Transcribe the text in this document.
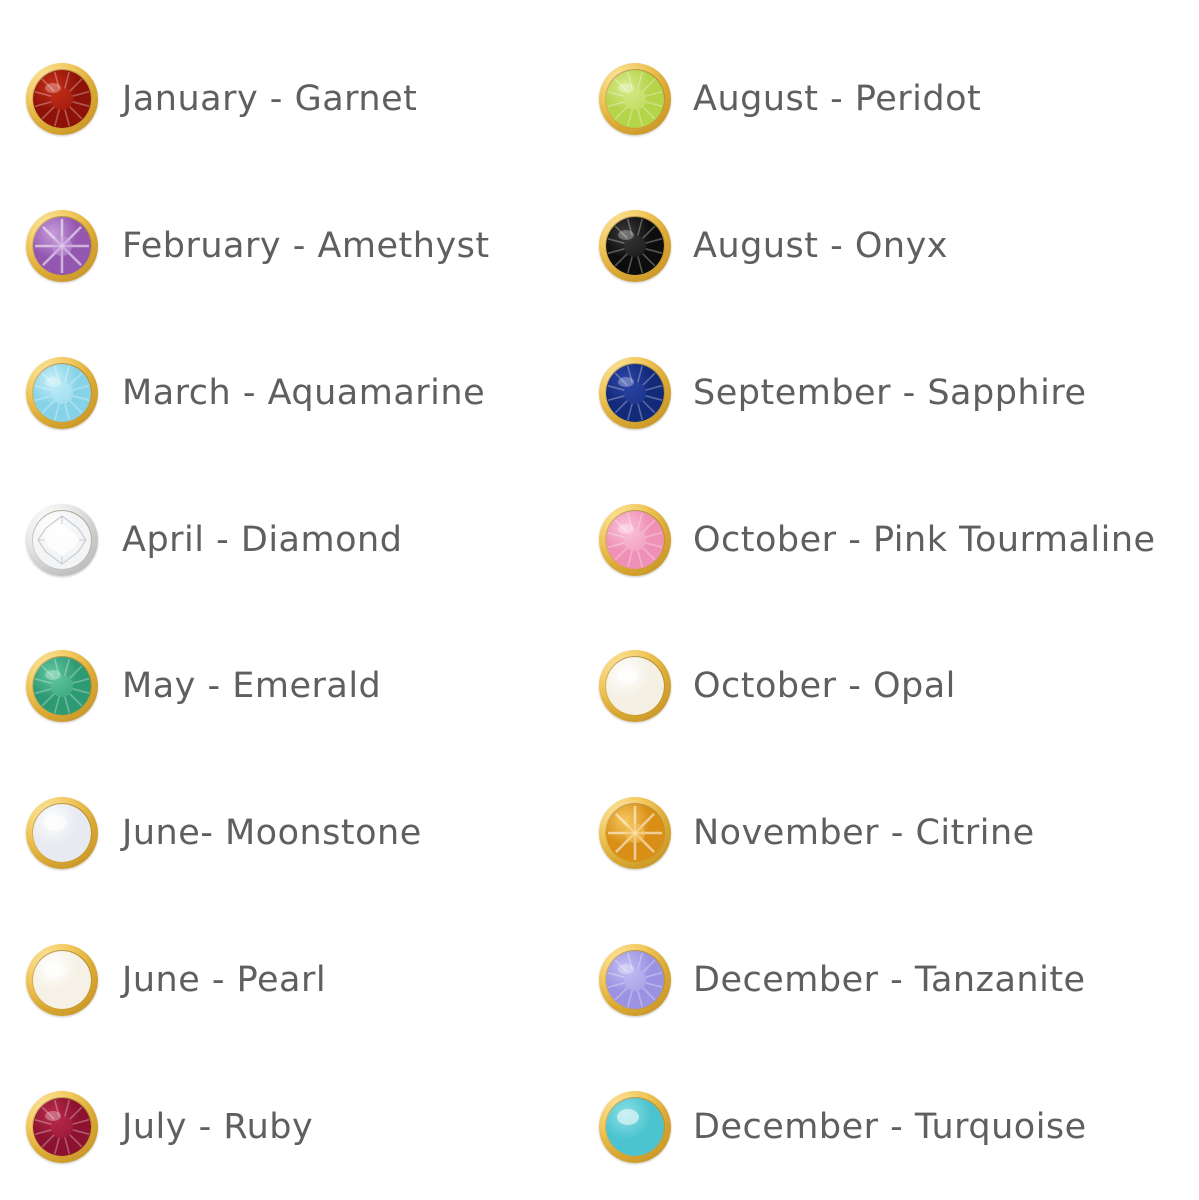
January - Garnet
February - Amethyst
March - Aquamarine
April - Diamond
May - Emerald
June- Moonstone
June - Pearl
July - Ruby
August - Peridot
August - Onyx
September - Sapphire
October - Pink Tourmaline
October - Opal
November - Citrine
December - Tanzanite
December - Turquoise
